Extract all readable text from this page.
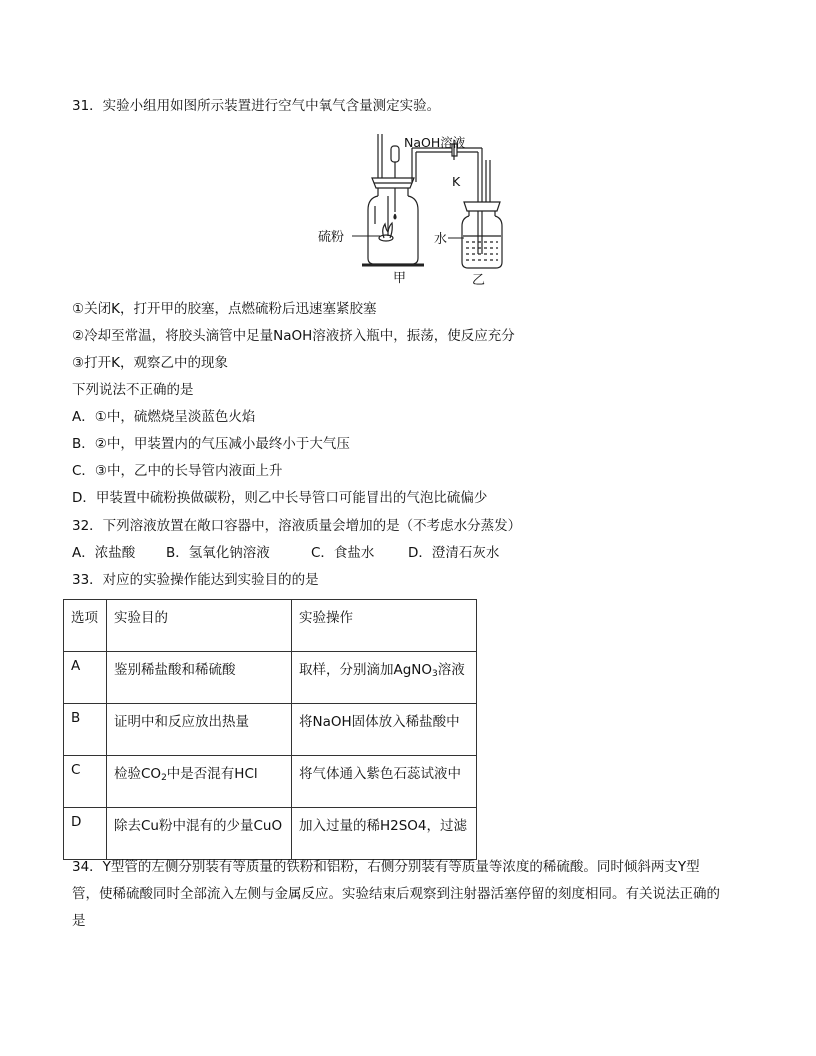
31．实验小组用如图所示装置进行空气中氧气含量测定实验。
NaOH溶液
K
硫粉	水
甲	乙
①关闭K，打开甲的胶塞，点燃硫粉后迅速塞紧胶塞
②冷却至常温，将胶头滴管中足量NaOH溶液挤入瓶中，振荡，使反应充分
③打开K，观察乙中的现象
下列说法不正确的是
A．①中，硫燃烧呈淡蓝色火焰
B．②中，甲装置内的气压减小最终小于大气压
C．③中，乙中的长导管内液面上升
D．甲装置中硫粉换做碳粉，则乙中长导管口可能冒出的气泡比硫偏少
32．下列溶液放置在敞口容器中，溶液质量会增加的是（不考虑水分蒸发）
A．浓盐酸 B．氢氧化钠溶液	C．食盐水 D．澄清石灰水
33．对应的实验操作能达到实验目的的是
选项	实验目的	实验操作
A	鉴别稀盐酸和稀硫酸	取样，分别滴加AgNO$_3$溶液
B	证明中和反应放出热量	将NaOH固体放入稀盐酸中
C	检验$CO_2$中是否混有HCl	将气体通入紫色石蕊试液中
D	除去Cu粉中混有的少量CuO	加入过量的稀H2SO4，过滤
34．Y型管的左侧分别装有等质量的铁粉和铝粉，右侧分别装有等质量等浓度的稀硫酸。同时倾斜两支Y型
管，使稀硫酸同时全部流入左侧与金属反应。实验结束后观察到注射器活塞停留的刻度相同。有关说法正确的
是
